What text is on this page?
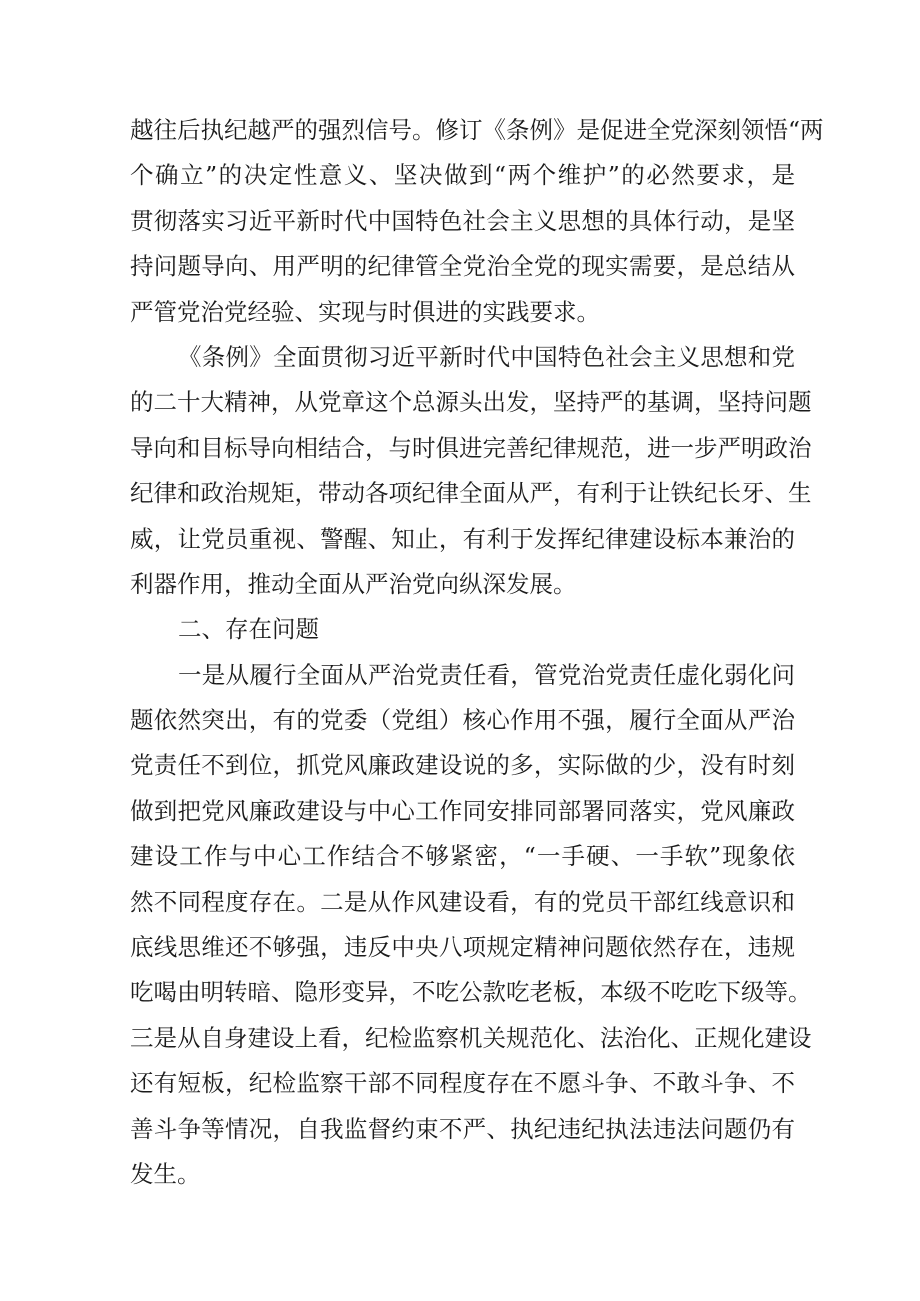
越往后执纪越严的强烈信号。修订《条例》是促进全党深刻领悟“两
个确立”的决定性意义、坚决做到“两个维护”的必然要求，是
贯彻落实习近平新时代中国特色社会主义思想的具体行动，是坚
持问题导向、用严明的纪律管全党治全党的现实需要，是总结从
严管党治党经验、实现与时俱进的实践要求。
《条例》全面贯彻习近平新时代中国特色社会主义思想和党
的二十大精神，从党章这个总源头出发，坚持严的基调，坚持问题
导向和目标导向相结合，与时俱进完善纪律规范，进一步严明政治
纪律和政治规矩，带动各项纪律全面从严，有利于让铁纪长牙、生
威，让党员重视、警醒、知止，有利于发挥纪律建设标本兼治的
利器作用，推动全面从严治党向纵深发展。
二、存在问题
一是从履行全面从严治党责任看，管党治党责任虚化弱化问
题依然突出，有的党委（党组）核心作用不强，履行全面从严治
党责任不到位，抓党风廉政建设说的多，实际做的少，没有时刻
做到把党风廉政建设与中心工作同安排同部署同落实，党风廉政
建设工作与中心工作结合不够紧密，“一手硬、一手软”现象依
然不同程度存在。二是从作风建设看，有的党员干部红线意识和
底线思维还不够强，违反中央八项规定精神问题依然存在，违规
吃喝由明转暗、隐形变异，不吃公款吃老板，本级不吃吃下级等。
三是从自身建设上看，纪检监察机关规范化、法治化、正规化建设
还有短板，纪检监察干部不同程度存在不愿斗争、不敢斗争、不
善斗争等情况，自我监督约束不严、执纪违纪执法违法问题仍有
发生。
